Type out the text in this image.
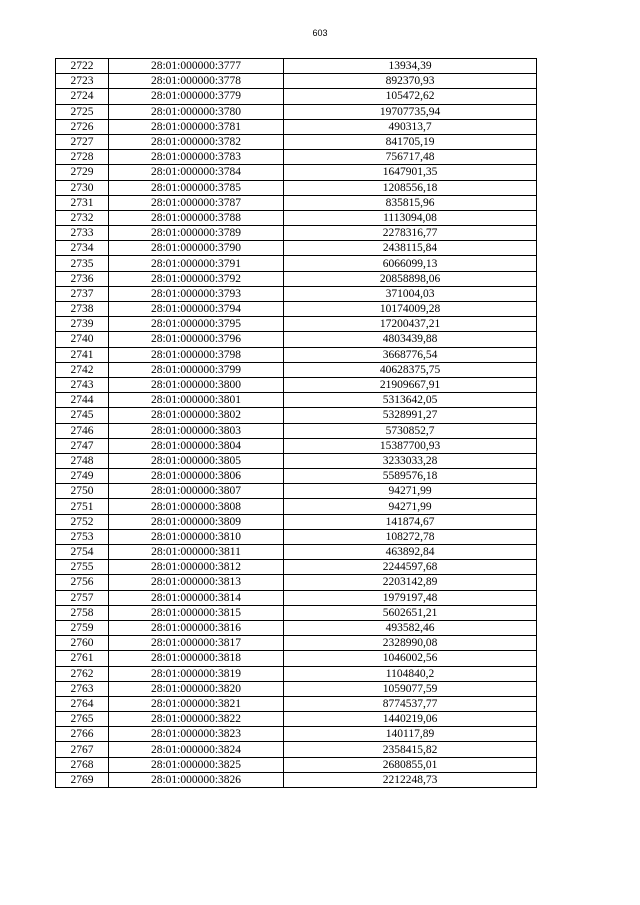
603
2722	28:01:000000:3777	13934,39
2723	28:01:000000:3778	892370,93
2724	28:01:000000:3779	105472,62
2725	28:01:000000:3780	19707735,94
2726	28:01:000000:3781	490313,7
2727	28:01:000000:3782	841705,19
2728	28:01:000000:3783	756717,48
2729	28:01:000000:3784	1647901,35
2730	28:01:000000:3785	1208556,18
2731	28:01:000000:3787	835815,96
2732	28:01:000000:3788	1113094,08
2733	28:01:000000:3789	2278316,77
2734	28:01:000000:3790	2438115,84
2735	28:01:000000:3791	6066099,13
2736	28:01:000000:3792	20858898,06
2737	28:01:000000:3793	371004,03
2738	28:01:000000:3794	10174009,28
2739	28:01:000000:3795	17200437,21
2740	28:01:000000:3796	4803439,88
2741	28:01:000000:3798	3668776,54
2742	28:01:000000:3799	40628375,75
2743	28:01:000000:3800	21909667,91
2744	28:01:000000:3801	5313642,05
2745	28:01:000000:3802	5328991,27
2746	28:01:000000:3803	5730852,7
2747	28:01:000000:3804	15387700,93
2748	28:01:000000:3805	3233033,28
2749	28:01:000000:3806	5589576,18
2750	28:01:000000:3807	94271,99
2751	28:01:000000:3808	94271,99
2752	28:01:000000:3809	141874,67
2753	28:01:000000:3810	108272,78
2754	28:01:000000:3811	463892,84
2755	28:01:000000:3812	2244597,68
2756	28:01:000000:3813	2203142,89
2757	28:01:000000:3814	1979197,48
2758	28:01:000000:3815	5602651,21
2759	28:01:000000:3816	493582,46
2760	28:01:000000:3817	2328990,08
2761	28:01:000000:3818	1046002,56
2762	28:01:000000:3819	1104840,2
2763	28:01:000000:3820	1059077,59
2764	28:01:000000:3821	8774537,77
2765	28:01:000000:3822	1440219,06
2766	28:01:000000:3823	140117,89
2767	28:01:000000:3824	2358415,82
2768	28:01:000000:3825	2680855,01
2769	28:01:000000:3826	2212248,73
